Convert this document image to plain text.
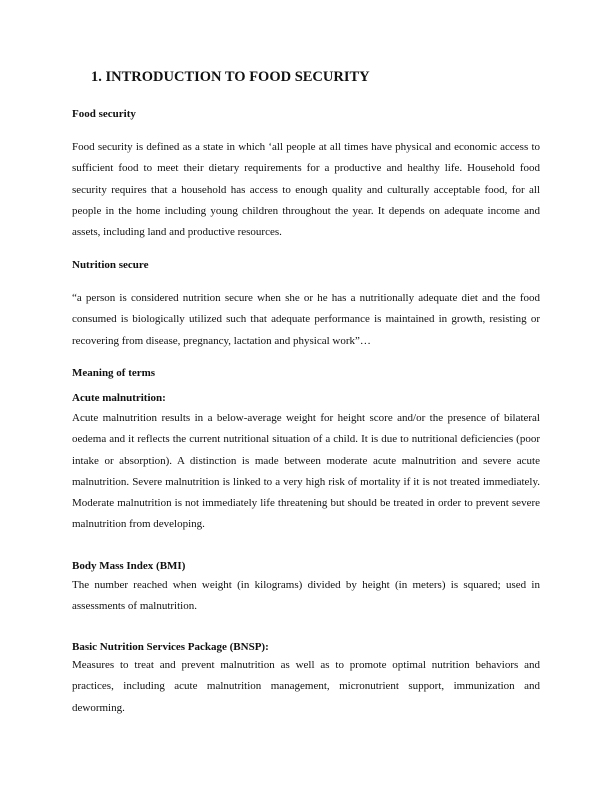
1. INTRODUCTION TO FOOD SECURITY
Food security

Food security is defined as a state in which ‘all people at all times have physical and economic access to sufficient food to meet their dietary requirements for a productive and healthy life. Household food security requires that a household has access to enough quality and culturally acceptable food, for all people in the home including young children throughout the year. It depends on adequate income and assets, including land and productive resources.

Nutrition secure

“a person is considered nutrition secure when she or he has a nutritionally adequate diet and the food consumed is biologically utilized such that adequate performance is maintained in growth, resisting or recovering from disease, pregnancy, lactation and physical work”…

Meaning of terms
Acute malnutrition:

Acute malnutrition results in a below-average weight for height score and/or the presence of bilateral oedema and it reflects the current nutritional situation of a child. It is due to nutritional deficiencies (poor intake or absorption). A distinction is made between moderate acute malnutrition and severe acute malnutrition. Severe malnutrition is linked to a very high risk of mortality if it is not treated immediately. Moderate malnutrition is not immediately life threatening but should be treated in order to prevent severe malnutrition from developing.

Body Mass Index (BMI)

The number reached when weight (in kilograms) divided by height (in meters) is squared; used in assessments of malnutrition.

Basic Nutrition Services Package (BNSP):

Measures to treat and prevent malnutrition as well as to promote optimal nutrition behaviors and practices, including acute malnutrition management, micronutrient support, immunization and deworming.
